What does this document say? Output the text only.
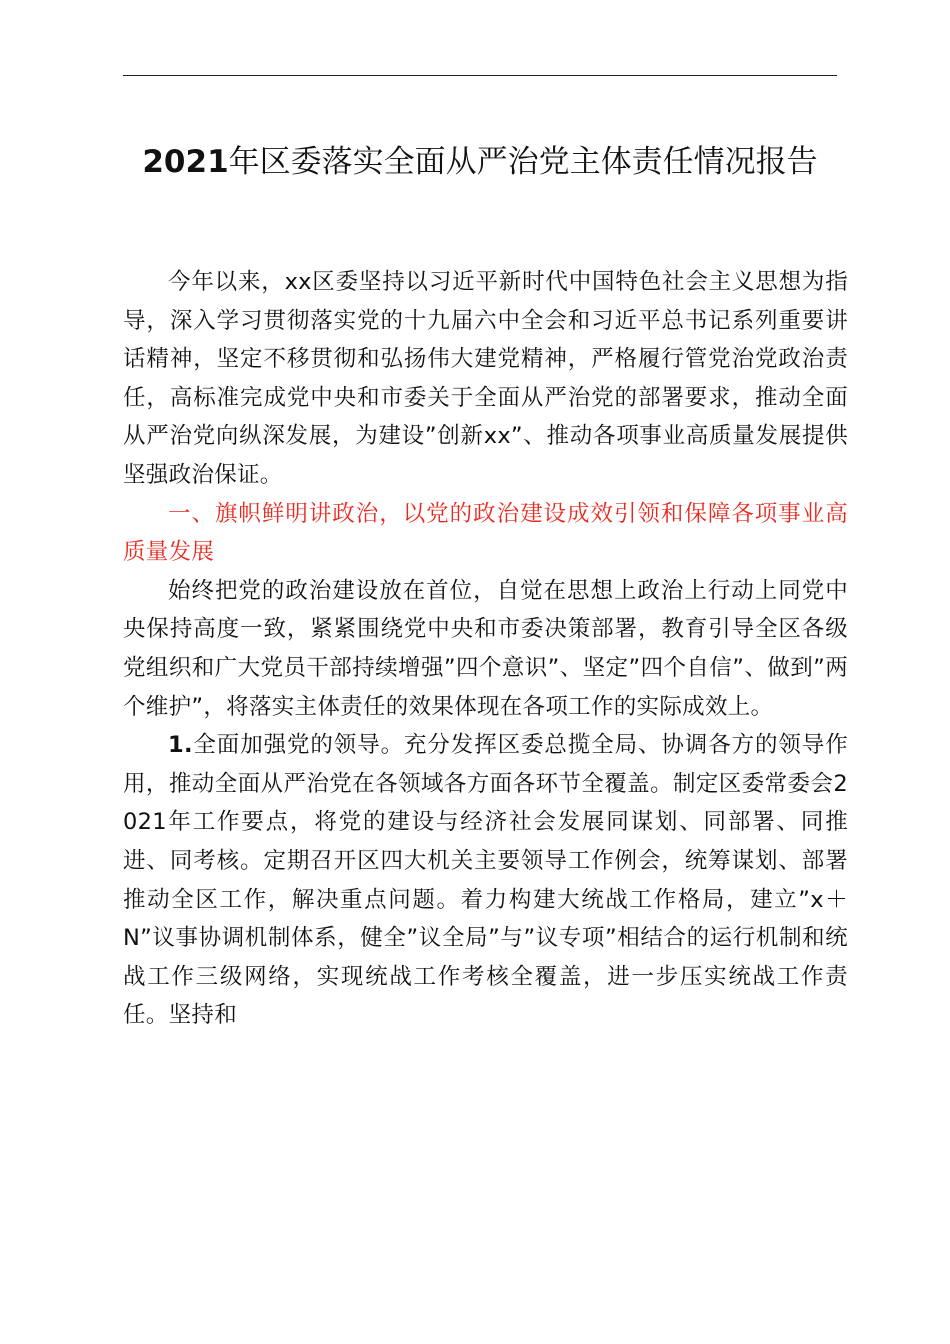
2021年区委落实全面从严治党主体责任情况报告

今年以来，xx区委坚持以习近平新时代中国特色社会主义思想为指导，深入学习贯彻落实党的十九届六中全会和习近平总书记系列重要讲话精神，坚定不移贯彻和弘扬伟大建党精神，严格履行管党治党政治责任，高标准完成党中央和市委关于全面从严治党的部署要求，推动全面从严治党向纵深发展，为建设”创新xx”、推动各项事业高质量发展提供坚强政治保证。

一、旗帜鲜明讲政治，以党的政治建设成效引领和保障各项事业高质量发展

始终把党的政治建设放在首位，自觉在思想上政治上行动上同党中央保持高度一致，紧紧围绕党中央和市委决策部署，教育引导全区各级党组织和广大党员干部持续增强”四个意识”、坚定”四个自信”、做到”两个维护”，将落实主体责任的效果体现在各项工作的实际成效上。

1.全面加强党的领导。充分发挥区委总揽全局、协调各方的领导作用，推动全面从严治党在各领域各方面各环节全覆盖。制定区委常委会2021年工作要点，将党的建设与经济社会发展同谋划、同部署、同推进、同考核。定期召开区四大机关主要领导工作例会，统筹谋划、部署推动全区工作，解决重点问题。着力构建大统战工作格局，建立”x＋N”议事协调机制体系，健全”议全局”与”议专项”相结合的运行机制和统战工作三级网络，实现统战工作考核全覆盖，进一步压实统战工作责任。坚持和
